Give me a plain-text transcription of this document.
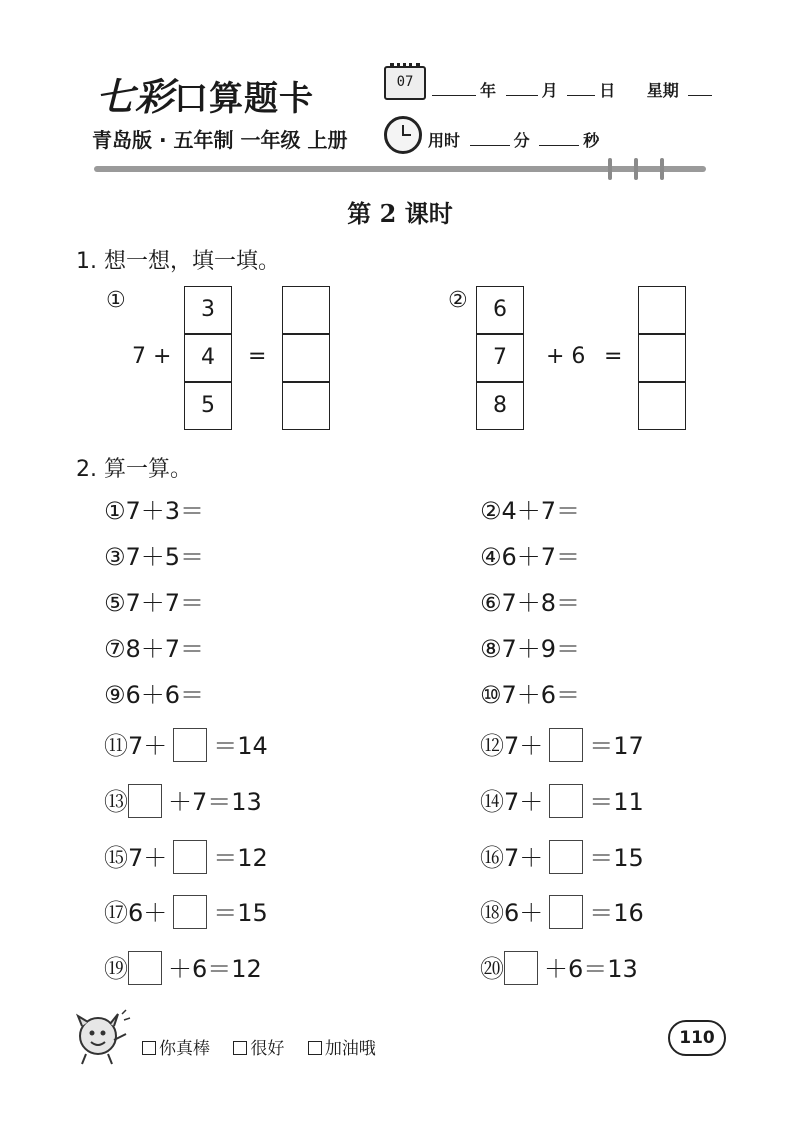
七彩口算题卡	07	年	月	日 星期
青岛版 · 五年制 一年级 上册	用时	分	秒
第 2 课时
1. 想一想，填一填。
①
7 +
3
4
5
=
②	6
7
8
+ 6 =
2. 算一算。
①7＋3＝
③7＋5＝
⑤7＋7＝
⑦8＋7＝
⑨6＋6＝
⑪7＋ ＝14
⑬ ＋7＝13
⑮7＋ ＝12
⑰6＋ ＝15
⑲ ＋6＝12
②4＋7＝
④6＋7＝
⑥7＋8＝
⑧7＋9＝
⑩7＋6＝
⑫7＋ ＝17
⑭7＋ ＝11
⑯7＋ ＝15
⑱6＋ ＝16
⑳ ＋6＝13
你真棒 很好 加油哦
110
